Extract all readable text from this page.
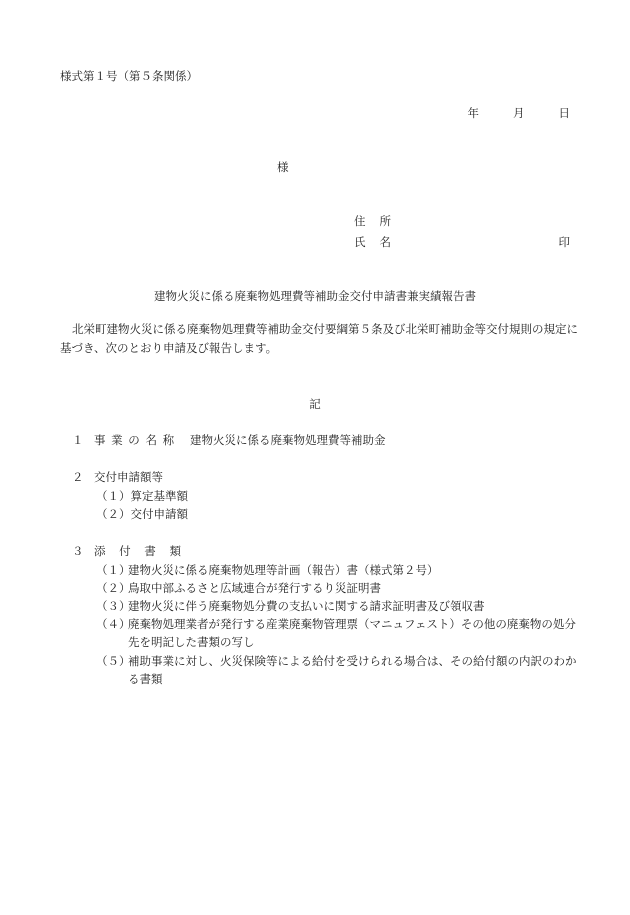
様式第１号（第５条関係）
年	月	日
様
住 所
氏 名	印
建物火災に係る廃棄物処理費等補助金交付申請書兼実績報告書
北栄町建物火災に係る廃棄物処理費等補助金交付要綱第５条及び北栄町補助金等交付規則の規定に基づき、次のとおり申請及び報告します。
記
１ 事 業 の 名 称 建物火災に係る廃棄物処理費等補助金
２ 交付申請額等
（１）算定基準額
（２）交付申請額
３ 添 付 書 類
（１）建物火災に係る廃棄物処理等計画（報告）書（様式第２号）
（２）鳥取中部ふるさと広域連合が発行するり災証明書
（３）建物火災に伴う廃棄物処分費の支払いに関する請求証明書及び領収書
（４）廃棄物処理業者が発行する産業廃棄物管理票（マニュフェスト）その他の廃棄物の処分
先を明記した書類の写し
（５）補助事業に対し、火災保険等による給付を受けられる場合は、その給付額の内訳のわか
る書類
